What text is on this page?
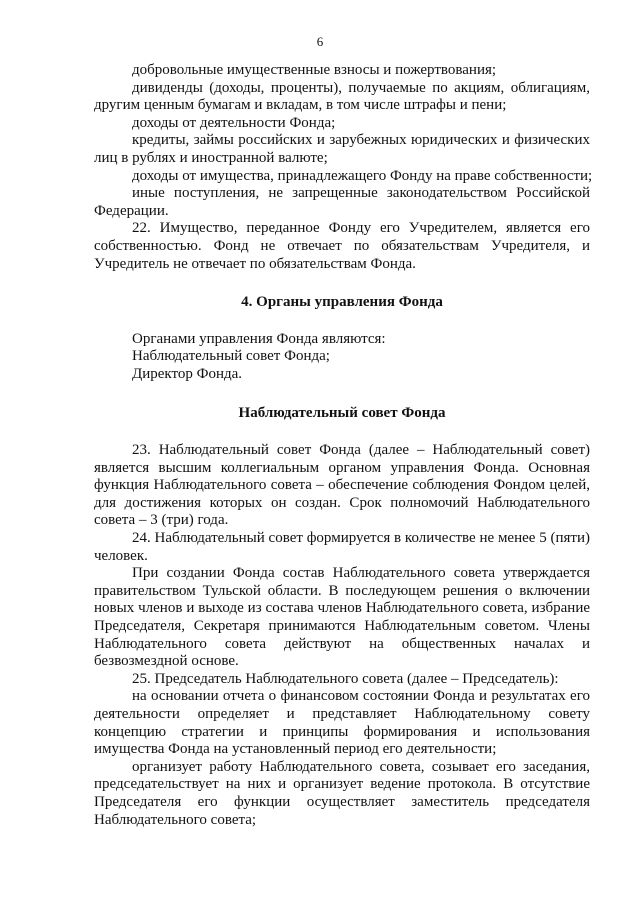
6

добровольные имущественные взносы и пожертвования;

дивиденды (доходы, проценты), получаемые по акциям, облигациям, другим ценным бумагам и вкладам, в том числе штрафы и пени;

доходы от деятельности Фонда;

кредиты, займы российских и зарубежных юридических и физических лиц в рублях и иностранной валюте;

доходы от имущества, принадлежащего Фонду на праве собственности;

иные поступления, не запрещенные законодательством Российской Федерации.

22. Имущество, переданное Фонду его Учредителем, является его собственностью. Фонд не отвечает по обязательствам Учредителя, и Учредитель не отвечает по обязательствам Фонда.

4. Органы управления Фонда

Органами управления Фонда являются:

Наблюдательный совет Фонда;

Директор Фонда.

Наблюдательный совет Фонда

23. Наблюдательный совет Фонда (далее – Наблюдательный совет) является высшим коллегиальным органом управления Фонда. Основная функция Наблюдательного совета – обеспечение соблюдения Фондом целей, для достижения которых он создан. Срок полномочий Наблюдательного совета – 3 (три) года.

24. Наблюдательный совет формируется в количестве не менее 5 (пяти) человек.

При создании Фонда состав Наблюдательного совета утверждается правительством Тульской области. В последующем решения о включении новых членов и выходе из состава членов Наблюдательного совета, избрание Председателя, Секретаря принимаются Наблюдательным советом. Члены Наблюдательного совета действуют на общественных началах и безвозмездной основе.

25. Председатель Наблюдательного совета (далее – Председатель):

на основании отчета о финансовом состоянии Фонда и результатах его деятельности определяет и представляет Наблюдательному совету концепцию стратегии и принципы формирования и использования имущества Фонда на установленный период его деятельности;

организует работу Наблюдательного совета, созывает его заседания, председательствует на них и организует ведение протокола. В отсутствие Председателя его функции осуществляет заместитель председателя Наблюдательного совета;
